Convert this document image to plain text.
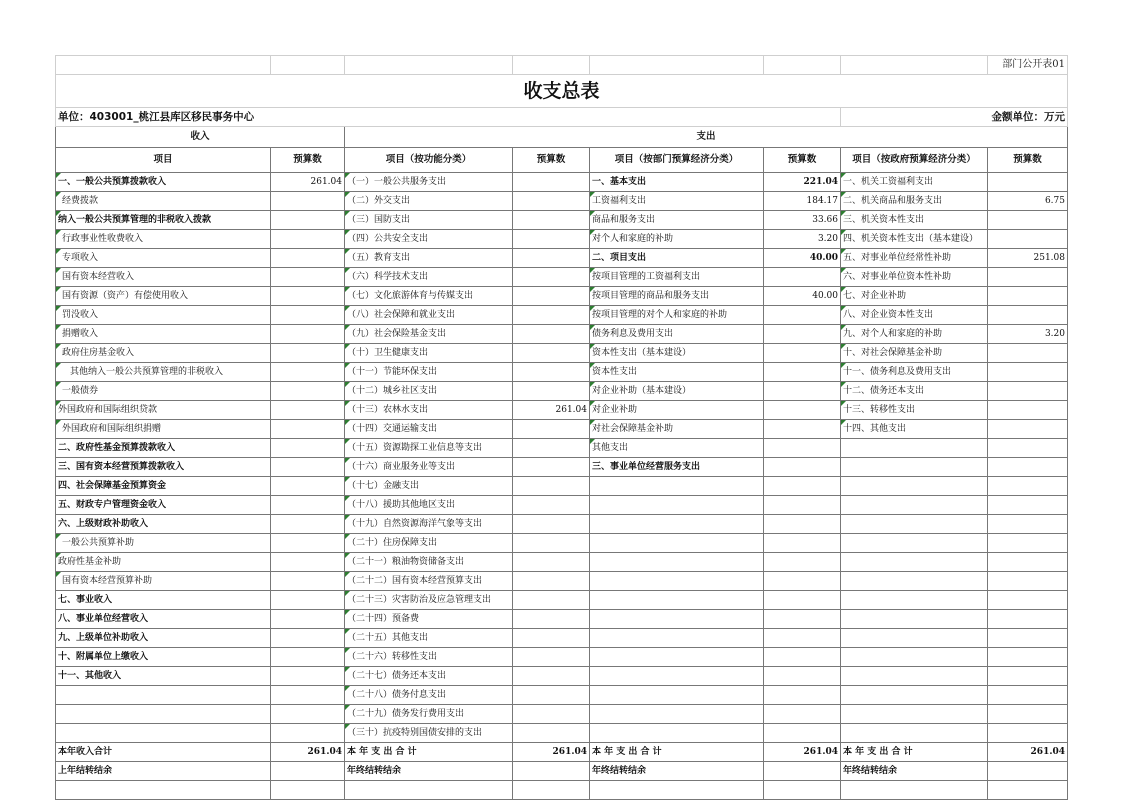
							部门公开表01
收支总表							
单位：403001_桃江县库区移民事务中心						金额单位：万元	
收入		支出					
项目	预算数	项目（按功能分类）	预算数	项目（按部门预算经济分类）	预算数	项目（按政府预算经济分类）	预算数
一、一般公共预算拨款收入	261.04	（一）一般公共服务支出		一、基本支出	221.04	一、机关工资福利支出	
经费拨款		（二）外交支出		工资福利支出	184.17	二、机关商品和服务支出	6.75
纳入一般公共预算管理的非税收入拨款		（三）国防支出		商品和服务支出	33.66	三、机关资本性支出	
行政事业性收费收入		（四）公共安全支出		对个人和家庭的补助	3.20	四、机关资本性支出（基本建设）	
专项收入		（五）教育支出		二、项目支出	40.00	五、对事业单位经常性补助	251.08
国有资本经营收入		（六）科学技术支出		按项目管理的工资福利支出		六、对事业单位资本性补助	
国有资源（资产）有偿使用收入		（七）文化旅游体育与传媒支出		按项目管理的商品和服务支出	40.00	七、对企业补助	
罚没收入		（八）社会保障和就业支出		按项目管理的对个人和家庭的补助		八、对企业资本性支出	
捐赠收入		（九）社会保险基金支出		债务利息及费用支出		九、对个人和家庭的补助	3.20
政府住房基金收入		（十）卫生健康支出		资本性支出（基本建设）		十、对社会保障基金补助	
其他纳入一般公共预算管理的非税收入		（十一）节能环保支出		资本性支出		十一、债务利息及费用支出	
一般债券		（十二）城乡社区支出		对企业补助（基本建设）		十二、债务还本支出	
外国政府和国际组织贷款		（十三）农林水支出	261.04	对企业补助		十三、转移性支出	
外国政府和国际组织捐赠		（十四）交通运输支出		对社会保障基金补助		十四、其他支出	
二、政府性基金预算拨款收入		（十五）资源勘探工业信息等支出		其他支出			
三、国有资本经营预算拨款收入		（十六）商业服务业等支出		三、事业单位经营服务支出			
四、社会保障基金预算资金		（十七）金融支出					
五、财政专户管理资金收入		（十八）援助其他地区支出					
六、上级财政补助收入		（十九）自然资源海洋气象等支出					
一般公共预算补助		（二十）住房保障支出					
政府性基金补助		（二十一）粮油物资储备支出					
国有资本经营预算补助		（二十二）国有资本经营预算支出					
七、事业收入		（二十三）灾害防治及应急管理支出					
八、事业单位经营收入		（二十四）预备费					
九、上级单位补助收入		（二十五）其他支出					
十、附属单位上缴收入		（二十六）转移性支出					
十一、其他收入		（二十七）债务还本支出					
		（二十八）债务付息支出					
		（二十九）债务发行费用支出					
		（三十）抗疫特别国债安排的支出					
本年收入合计	261.04	本 年 支 出 合 计	261.04	本 年 支 出 合 计	261.04	本 年 支 出 合 计	261.04
上年结转结余		年终结转结余		年终结转结余		年终结转结余	
